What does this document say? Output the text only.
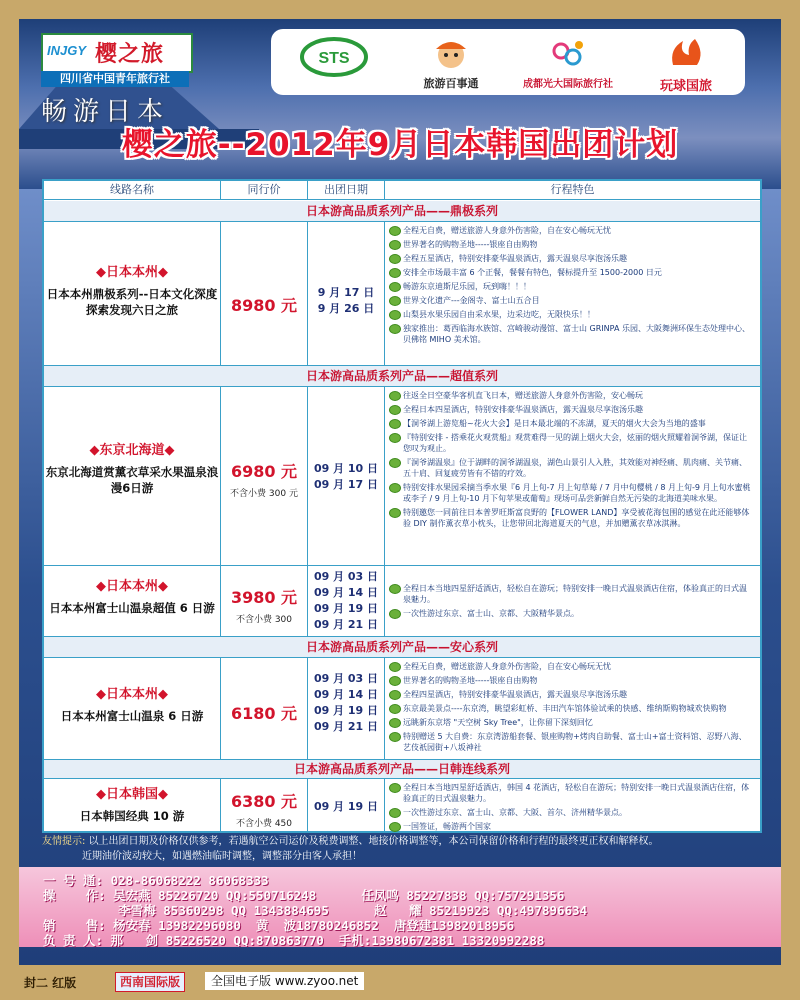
INJGY 樱之旅
四川省中国青年旅行社
畅游日本
STS
旅游百事通	成都光大国际旅行社	玩球国旅
樱之旅--2012年9月日本韩国出团计划
线路名称	同行价	出团日期	行程特色
日本游高品质系列产品——鼎极系列
◆日本本州◆
日本本州鼎极系列--日本文化深度探索发现六日之旅	8980 元
9 月 17 日
9 月 26 日
全程无自费，赠送旅游人身意外伤害险，自在安心畅玩无忧
世界著名的购物圣地-----银座自由购物
全程五星酒店，特别安排豪华温泉酒店，露天温泉尽享泡汤乐趣
安排全市场最丰富 6 个正餐，餐餐有特色，餐标提升至 1500-2000 日元
畅游东京迪斯尼乐园，玩到嗨！！！
世界文化遗产---金阁寺、富士山五合目
山梨县水果乐园自由采水果，边采边吃，无限快乐！！
独家推出：葛西临海水族馆、宫崎骏动漫馆、富士山 GRINPA 乐园、大阪舞洲环保生态处理中心、贝佛铭 MIHO 美术馆。
日本游高品质系列产品——超值系列
◆东京北海道◆
东京北海道赏薰衣草采水果温泉浪漫6日游
6980 元
不含小费 300 元
09 月 10 日
09 月 17 日
往返全日空豪华客机直飞日本，赠送旅游人身意外伤害险，安心畅玩
全程日本四星酒店，特别安排豪华温泉酒店，露天温泉尽享泡汤乐趣
【洞爷湖上游览船~花火大会】是日本最北端的不冻湖，夏天的烟火大会为当地的盛事
『特别安排 - 搭乘花火观赏船』观赏难得一见的湖上烟火大会，炫丽的烟火照耀着洞爷湖，保证让您叹为观止。
『洞爷湖温泉』位于湖畔的洞爷湖温泉，湖色山景引人入胜，其效能对神经痛、肌肉痛、关节痛、五十肩、回复疲劳皆有不错的疗效。
特别安排水果园采摘当季水果『6 月上旬-7 月上旬草莓 / 7 月中旬樱桃 / 8 月上旬-9 月上旬水蜜桃或李子 / 9 月上旬-10 月下旬苹果或葡萄』现场可品尝新鲜自然无污染的北海道美味水果。
特别邀您一同前往日本普罗旺斯富良野的【FLOWER LAND】享受被花海包围的感觉在此还能够体验 DIY 制作薰衣草小枕头，让您带回北海道夏天的气息，并加赠薰衣草冰淇淋。
◆日本本州◆
日本本州富士山温泉超值 6 日游
3980 元
不含小费 300
09 月 03 日
09 月 14 日
09 月 19 日
09 月 21 日
全程日本当地四星舒适酒店，轻松自在游玩；特别安排一晚日式温泉酒店住宿，体验真正的日式温泉魅力。
一次性游过东京、富士山、京都、大阪精华景点。
日本游高品质系列产品——安心系列
◆日本本州◆
日本本州富士山温泉 6 日游	6180 元
09 月 03 日
09 月 14 日
09 月 19 日
09 月 21 日
全程无自费，赠送旅游人身意外伤害险，自在安心畅玩无忧
世界著名的购物圣地-----银座自由购物
全程四星酒店，特别安排豪华温泉酒店，露天温泉尽享泡汤乐趣
东京最美景点----东京湾，眺望彩虹桥、丰田汽车馆体验试乘的快感、维纳斯购物城欢快购物
远眺新东京塔 "天空树 Sky Tree"，让你留下深刻回忆
特别赠送 5 大自费：东京湾游船套餐、银座购物+烤肉自助餐、富士山+富士资料馆、忍野八海、艺伎祇园街+八坂神社
日本游高品质系列产品——日韩连线系列
◆日本韩国◆
日本韩国经典 10 游
6380 元
不含小费 450
09 月 19 日
全程日本当地四星舒适酒店，韩国 4 花酒店，轻松自在游玩；特别安排一晚日式温泉酒店住宿，体验真正的日式温泉魅力。
一次性游过东京、富士山、京都、大阪、首尔、济州精华景点。
一国签证，畅游两个国家
友情提示: 以上出团日期及价格仅供参考，若遇航空公司运价及税费调整、地接价格调整等，本公司保留价格和行程的最终更正权和解释权。
近期油价波动较大，如遇燃油临时调整，调整部分由客人承担！
一 号 通: 028-86068222 86068333
操    作: 吴宏燕 85226720 QQ:550716248      任凤鸣 85227838 QQ:757291356
李雪梅 85360298 QQ 1343884695      赵   耀 85219923 QQ:497896634
销    售: 杨安春 13982296080  黄  波18780246852  唐登建13982018956
负 责 人: 那   剑 85226520 QQ:870863770  手机:13980672381 13320992288
封二 红版	西南国际版	全国电子版 www.zyoo.net
